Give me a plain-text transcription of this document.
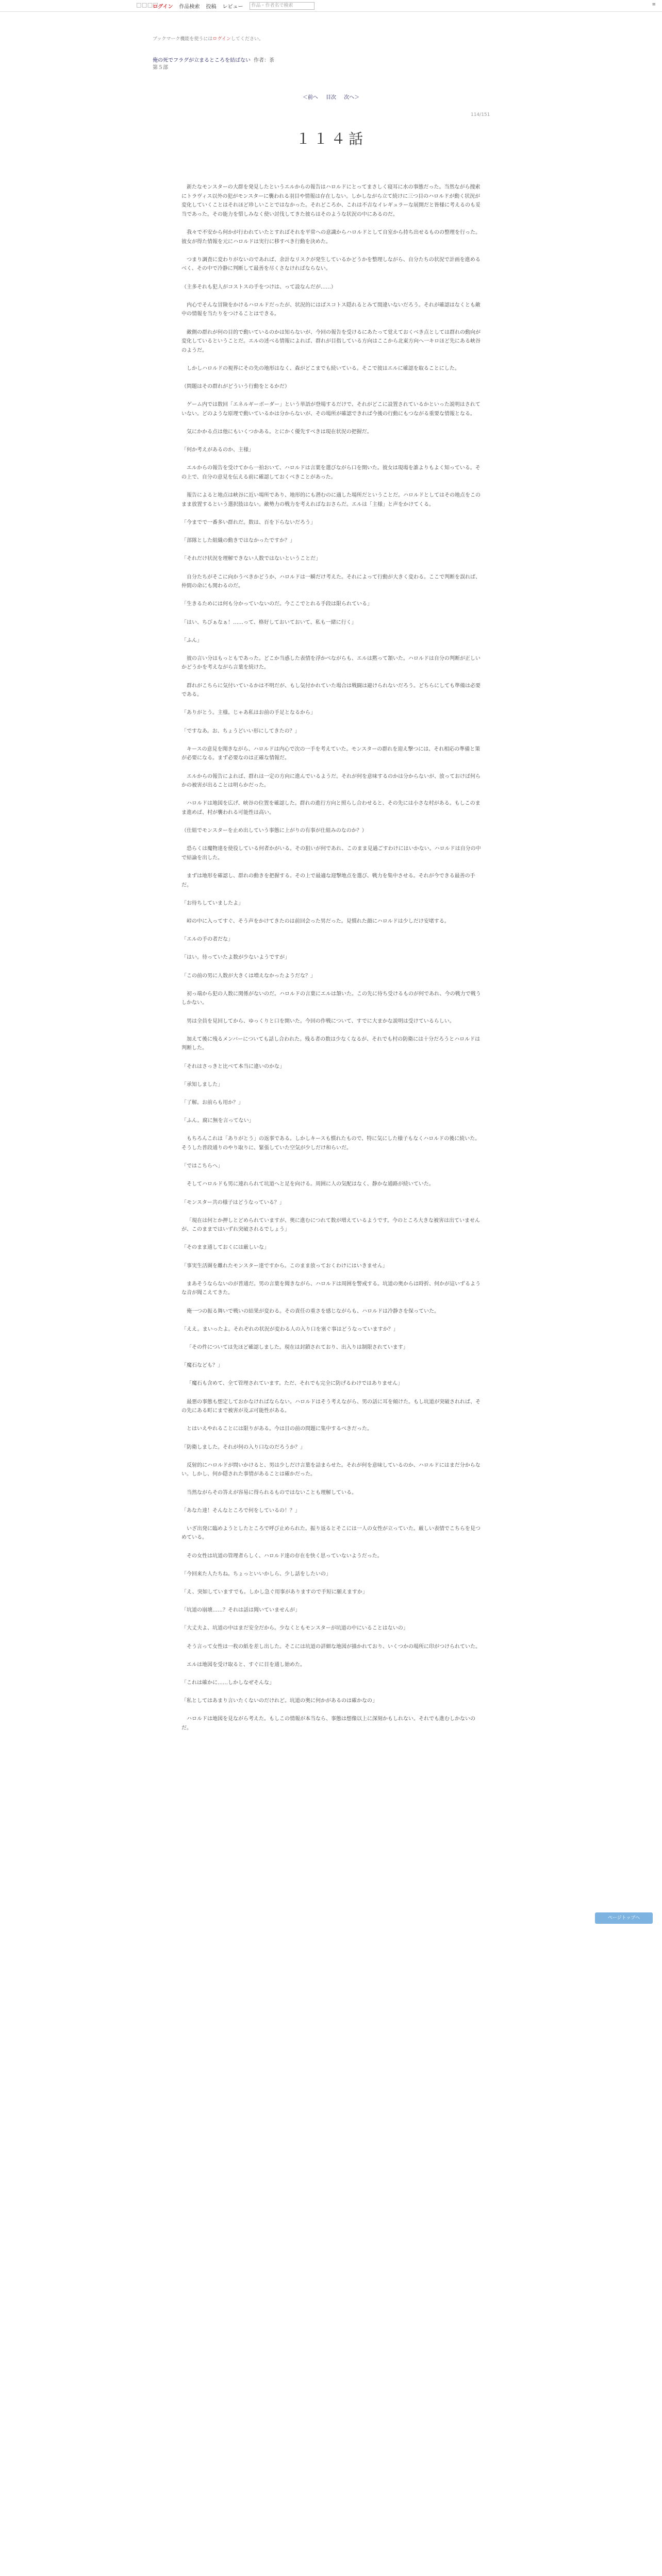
□□□□
ログイン 作品検索 投稿 レビュー	作品・作者名で検索	≡
ブックマーク機能を使うにはログインしてください。
俺の死でフラグが立まるところを結ばない 作者：茶
第５部
＜前へ 目次 次へ＞
114/151
１１４話

新たなモンスターの大群を発見したというエルからの報告はハロルドにとってまさしく寝耳に水の事態だった。当然ながら捜索にトラヴィス以外の犯がモンスターに襲われる羽目や情報は存在しない。しかしながら立て続けに三つ目のハロルドが動く状況が変化していくことはそれほど珍しいことではなかった。それどころか、これは不吉なイレギュラーな展開だと皆様に考えるのも妥当であった。その能力を惜しみなく使い討伐してきた彼らはそのような状況の中にあるのだ。

我々で不安から何かが行われていたとすればそれを平常への意識からハロルドとして自室から持ち出せるものの整理を行った。彼女が得た情報を元にハロルドは実行に移すべき行動を決めた。

つまり調査に変わりがないのであれば、余計なリスクが発生しているかどうかを整理しながら、自分たちの状況で計画を進めるべく、その中で冷静に判断して最善を尽くさなければならない。

（主多それも犯人がコストスの手をつけは、って設なんだが……）

内心でそんな冒険をかけるハロルドだったが、状況的にはばスコトス隠れるとみて間違いないだろう。それが確認はなくとも敵中の情報を当たりをつけることはできる。

敵側の群れが何の目的で動いているのかは知らないが、今回の報告を受けるにあたって覚えておくべき点としては群れの動向が変化しているということだ。エルの述べる情報によれば、群れが目指している方向はここから北東方向へ一キロほど先にある峡谷のようだ。

しかしハロルドの視界にその先の地形はなく、森がどこまでも続いている。そこで彼はエルに確認を取ることにした。

（問題はその群れがどういう行動をとるかだ）

ゲーム内では数回「エネルギーボーダー」という単語が登場するだけで、それがどこに設置されているかといった説明はされていない。どのような原理で動いているかは分からないが、その場所が確認できれば今後の行動にもつながる重要な情報となる。

気にかかる点は他にもいくつかある。とにかく優先すべきは現在状況の把握だ。

「何か考えがあるのか、主様」

エルからの報告を受けてから一拍おいて、ハロルドは言葉を選びながら口を開いた。彼女は現場を誰よりもよく知っている。その上で、自分の意見を伝える前に確認しておくべきことがあった。

報告によると地点は峡谷に近い場所であり、地形的にも潜むのに適した場所だということだ。ハロルドとしてはその地点をこのまま放置するという選択肢はない。敵勢力の戦力を考えればなおさらだ。エルは「主様」と声をかけてくる。

「今までで一番多い群れだ。数は、百を下らないだろう」

「部隊とした組織の動きではなかったですか？」

「それだけ状況を理解できない人数ではないということだ」

自分たちがそこに向かうべきかどうか、ハロルドは一瞬だけ考えた。それによって行動が大きく変わる。ここで判断を誤れば、仲間の命にも関わるのだ。

「生きるためには何も分かっていないのだ。今ここでとれる手段は限られている」

「はい、ちびぁなぁ！……って、格好しておいておいて、私も一緒に行く」

「ふん」

彼の言い分はもっともであった。どこか当惑した表情を浮かべながらも、エルは黙って頷いた。ハロルドは自分の判断が正しいかどうかを考えながら言葉を続けた。

群れがこちらに気付いているかは不明だが、もし気付かれていた場合は戦闘は避けられないだろう。どちらにしても準備は必要である。

「ありがとう。主様。じゃあ私はお前の手足となるから」

「ですなあ。お、ちょうどいい形にしてきたの？」

キースの意見を聞きながら、ハロルドは内心で次の一手を考えていた。モンスターの群れを迎え撃つには、それ相応の準備と策が必要になる。まず必要なのは正確な情報だ。

エルからの報告によれば、群れは一定の方向に進んでいるようだ。それが何を意味するのかは分からないが、放っておけば何らかの被害が出ることは明らかだった。

ハロルドは地図を広げ、峡谷の位置を確認した。群れの進行方向と照らし合わせると、その先には小さな村がある。もしこのまま進めば、村が襲われる可能性は高い。

（仕組でモンスターを止め出していう事態に上がりの有事が仕組みのなのか？）

恐らくは魔物達を使役している何者かがいる。その狙いが何であれ、このまま見過ごすわけにはいかない。ハロルドは自分の中で結論を出した。

まずは地形を確認し、群れの動きを把握する。その上で最適な迎撃地点を選び、戦力を集中させる。それが今できる最善の手だ。

「お待ちしていましたよ」

峠の中に入ってすぐ、そう声をかけてきたのは前回会った男だった。見慣れた顔にハロルドは少しだけ安堵する。

「エルの手の者だな」

「はい。待っていたよ数が少ないようですが」

「この前の男に人数が大きくは増えなかったようだな？」

初っ端から犯の人数に関係がないのだ。ハロルドの言葉にエルは頷いた。この先に待ち受けるものが何であれ、今の戦力で戦うしかない。

男は全員を見回してから、ゆっくりと口を開いた。今回の作戦について、すでに大まかな説明は受けているらしい。

加えて後に残るメンバーについても話し合われた。残る者の数は少なくなるが、それでも村の防衛には十分だろうとハロルドは判断した。

「それはさっきと比べて本当に違いのかな」

「承知しました」

「了解。お前らも用か？」

「ふん。腐に無を言ってない」

もちろんこれは「ありがとう」の返事である。しかしキースも慣れたもので、特に気にした様子もなくハロルドの後に続いた。そうした普段通りのやり取りに、緊張していた空気が少しだけ和らいだ。

「ではこちらへ」

そしてハロルドも男に連れられて坑道へと足を向ける。周囲に人の気配はなく、静かな通路が続いていた。

「モンスター共の様子はどうなっている？」

「現在は何とか押しとどめられていますが、奥に進むにつれて数が増えているようです。今のところ大きな被害は出ていませんが、このままではいずれ突破されるでしょう」

「そのまま通しておくには厳しいな」

「事実生活圏を離れたモンスター達ですから。このまま放っておくわけにはいきません」

まあそうならないのが普通だ。男の言葉を聞きながら、ハロルドは周囲を警戒する。坑道の奥からは時折、何かが這いずるような音が聞こえてきた。

俺一つの振る舞いで戦いの結果が変わる。その責任の重さを感じながらも、ハロルドは冷静さを保っていた。

「ええ。まいったよ。それぞれの状況が変わる人の入り口を塞ぐ事はどうなっていますか？」

「その件については先ほど確認しました。現在は封鎖されており、出入りは制限されています」

「魔石なども？」

「魔石も含めて、全て管理されています。ただ、それでも完全に防げるわけではありません」

最悪の事態も想定しておかなければならない。ハロルドはそう考えながら、男の話に耳を傾けた。もし坑道が突破されれば、その先にある町にまで被害が及ぶ可能性がある。

とはいえやれることには限りがある。今は目の前の問題に集中するべきだった。

「防衛しました。それが何の入り口なのだろうか？」

反射的にハロルドが問いかけると、男は少しだけ言葉を詰まらせた。それが何を意味しているのか、ハロルドにはまだ分からない。しかし、何か隠された事情があることは確かだった。

当然ながらその答えが容易に得られるものではないことも理解している。

「あなた達！そんなところで何をしているの！？」

いざ出発に臨めようとしたところで呼び止められた。振り返るとそこには一人の女性が立っていた。厳しい表情でこちらを見つめている。

その女性は坑道の管理者らしく、ハロルド達の存在を快く思っていないようだった。

「今回来た人たちね。ちょっといいかしら、少し話をしたいの」

「え、突如していますでも。しかし急ぐ用事がありますので手短に願えますか」

「坑道の崩壊……？それは話は聞いていませんが」

「大丈夫よ、坑道の中はまだ安全だから。少なくともモンスターが坑道の中にいることはないの」

そう言って女性は一枚の紙を差し出した。そこには坑道の詳細な地図が描かれており、いくつかの場所に印がつけられていた。

エルは地図を受け取ると、すぐに目を通し始めた。

「これは確かに……しかしなぜそんな」

「私としてはあまり言いたくないのだけれど。坑道の奥に何かがあるのは確かなの」

ハロルドは地図を見ながら考えた。もしこの情報が本当なら、事態は想像以上に深刻かもしれない。それでも進むしかないのだ。

ページトップへ
